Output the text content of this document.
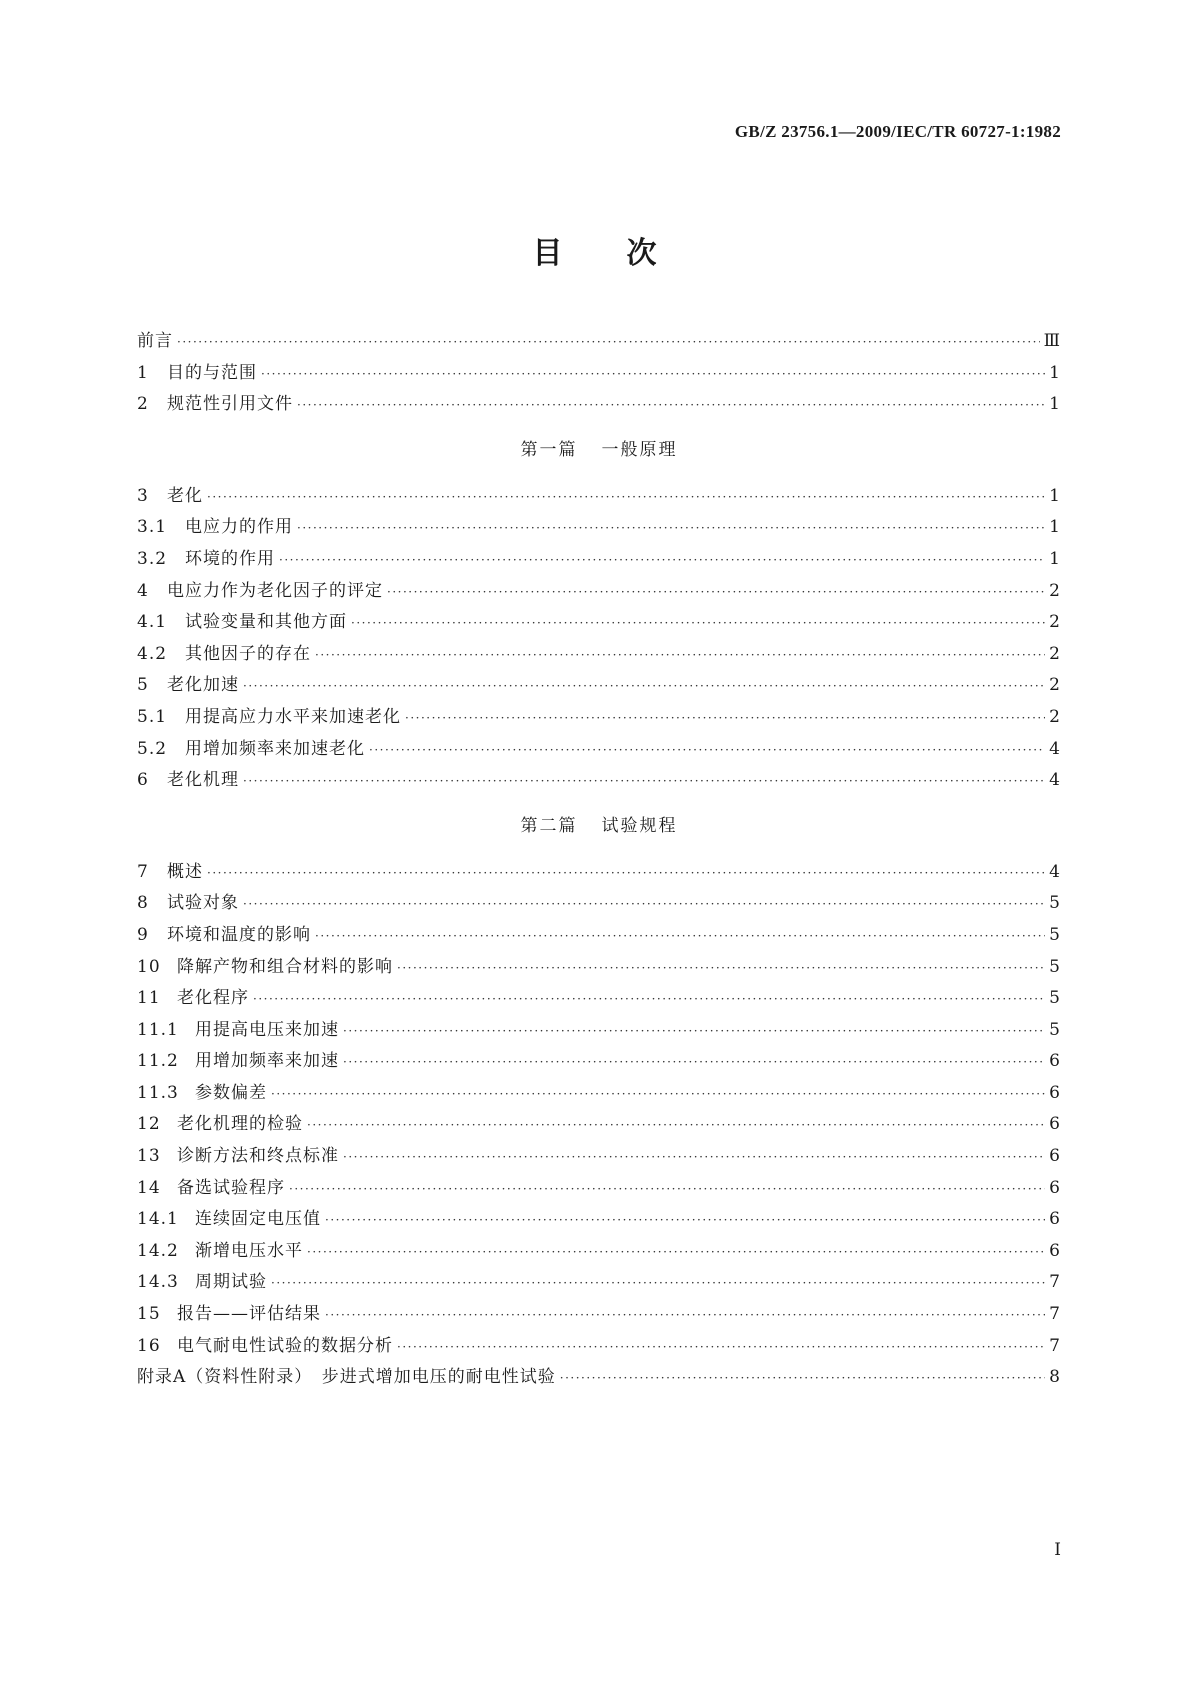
GB/Z 23756.1—2009/IEC/TR 60727-1:1982
目 次
前言 ·····	Ⅲ
1	目的与范围 ·····	1
2	规范性引用文件 ·····	1
第一篇 一般原理
3	老化 ·····	1
3.1	电应力的作用 ·····	1
3.2	环境的作用 ·····	1
4	电应力作为老化因子的评定 ·····	2
4.1	试验变量和其他方面 ·····	2
4.2	其他因子的存在 ·····	2
5	老化加速 ·····	2
5.1	用提高应力水平来加速老化 ·····	2
5.2	用增加频率来加速老化 ·····	4
6	老化机理 ·····	4
第二篇 试验规程
7	概述 ·····	4
8	试验对象 ·····	5
9	环境和温度的影响 ·····	5
10 降解产物和组合材料的影响 ·····	5
11 老化程序 ·····	5
11.1 用提高电压来加速 ·····	5
11.2 用增加频率来加速 ·····	6
11.3 参数偏差 ·····	6
12 老化机理的检验 ·····	6
13 诊断方法和终点标准 ·····	6
14 备选试验程序 ·····	6
14.1 连续固定电压值 ·····	6
14.2 渐增电压水平 ·····	6
14.3 周期试验 ·····	7
15 报告——评估结果 ·····	7
16 电气耐电性试验的数据分析 ·····	7
附录A（资料性附录）　步进式增加电压的耐电性试验 ·····	8
I
